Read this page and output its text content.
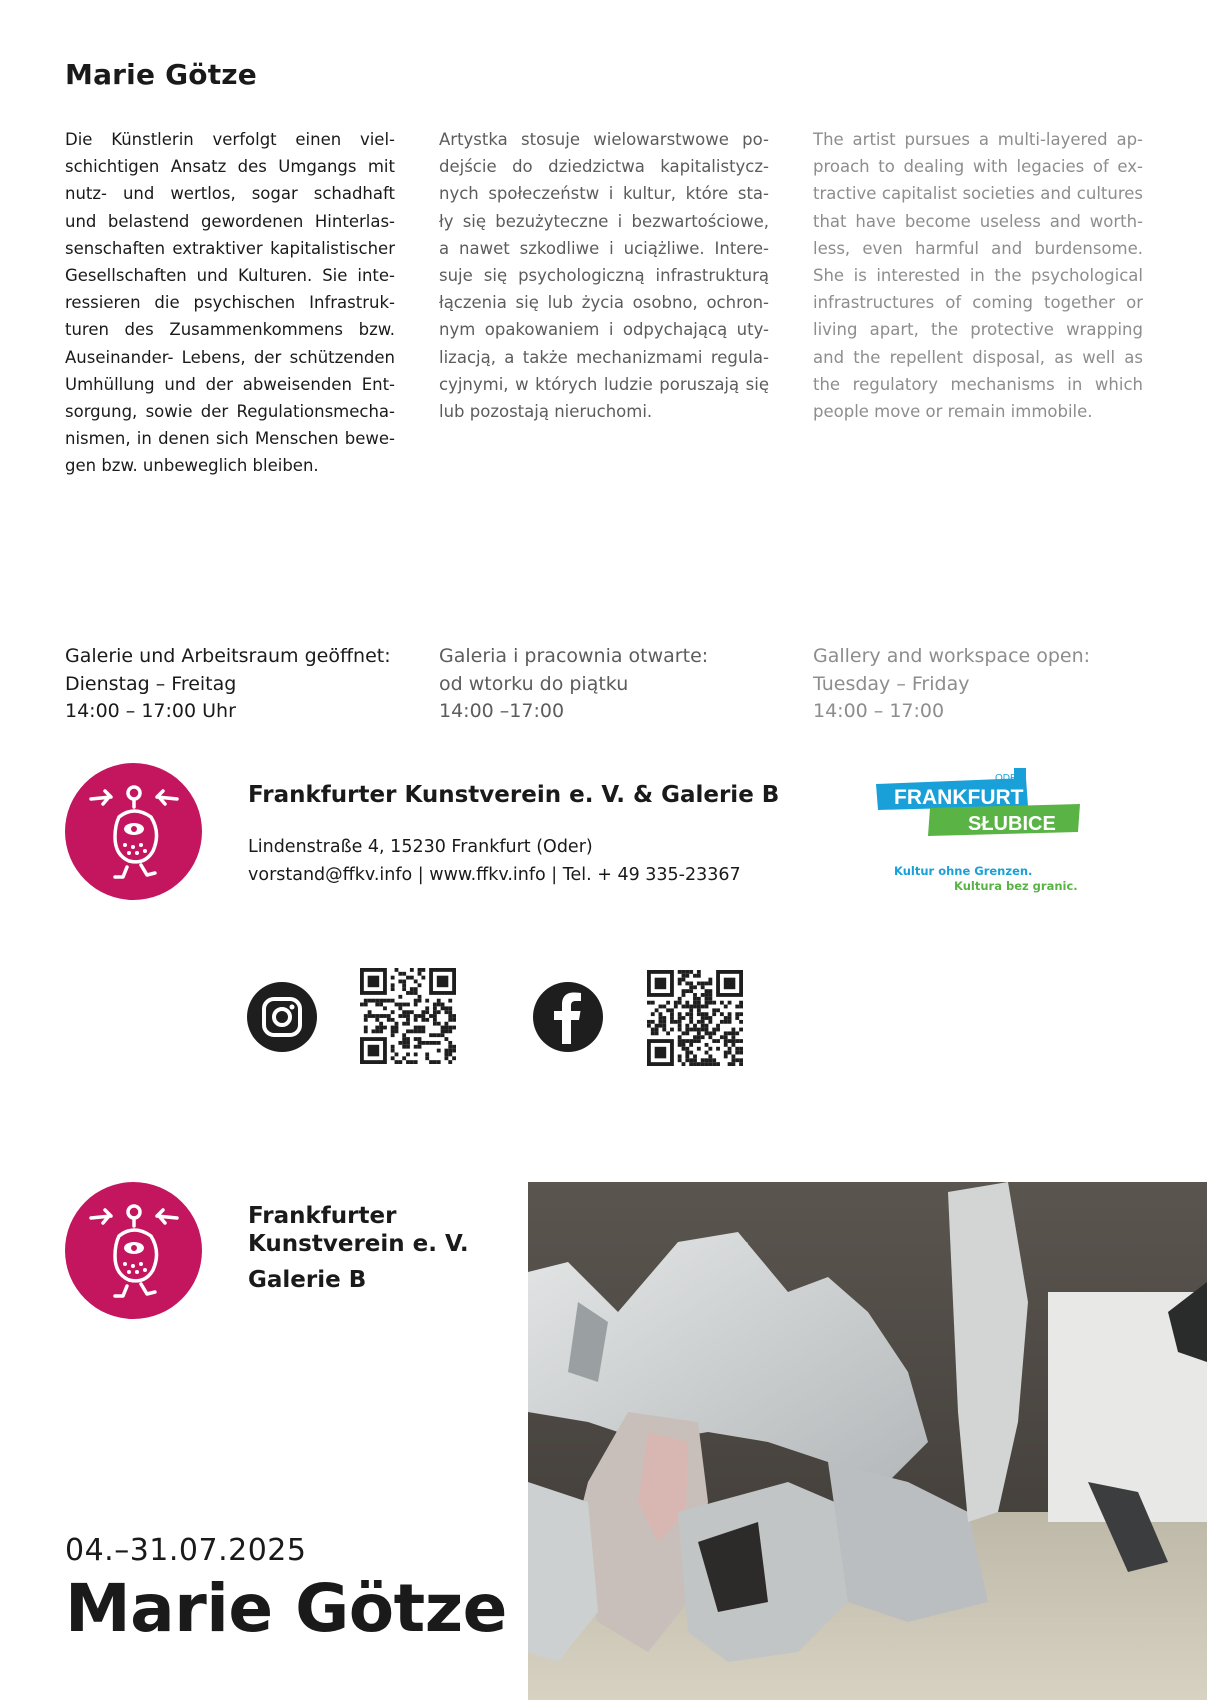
Marie Götze
Die Künstlerin verfolgt einen viel-
schichtigen Ansatz des Umgangs mit
nutz- und wertlos, sogar schadhaft
und belastend gewordenen Hinterlas-
senschaften extraktiver kapitalistischer
Gesellschaften und Kulturen. Sie inte-
ressieren die psychischen Infrastruk-
turen des Zusammenkommens bzw.
Auseinander- Lebens, der schützenden
Umhüllung und der abweisenden Ent-
sorgung, sowie der Regulationsmecha-
nismen, in denen sich Menschen bewe-
gen bzw. unbeweglich bleiben.
Artystka stosuje wielowarstwowe po-
dejście do dziedzictwa kapitalistycz-
nych społeczeństw i kultur, które sta-
ły się bezużyteczne i bezwartościowe,
a nawet szkodliwe i uciążliwe. Intere-
suje się psychologiczną infrastrukturą
łączenia się lub życia osobno, ochron-
nym opakowaniem i odpychającą uty-
lizacją, a także mechanizmami regula-
cyjnymi, w których ludzie poruszają się
lub pozostają nieruchomi.
The artist pursues a multi-layered ap-
proach to dealing with legacies of ex-
tractive capitalist societies and cultures
that have become useless and worth-
less, even harmful and burdensome.
She is interested in the psychological
infrastructures of coming together or
living apart, the protective wrapping
and the repellent disposal, as well as
the regulatory mechanisms in which
people move or remain immobile.
Galerie und Arbeitsraum geöffnet:
Dienstag – Freitag
14:00 – 17:00 Uhr
Galeria i pracownia otwarte:
od wtorku do piątku
14:00 –17:00
Gallery and workspace open:
Tuesday – Friday
14:00 – 17:00
Frankfurter Kunstverein e. V. & Galerie B
Lindenstraße 4, 15230 Frankfurt (Oder)
vorstand@ffkv.info | www.ffkv.info | Tel. + 49 335-23367
ODER
FRANKFURT
SŁUBICE
Kultur ohne Grenzen.
Kultura bez granic.
Frankfurter
Kunstverein e. V.
Galerie B
04.–31.07.2025
Marie Götze
